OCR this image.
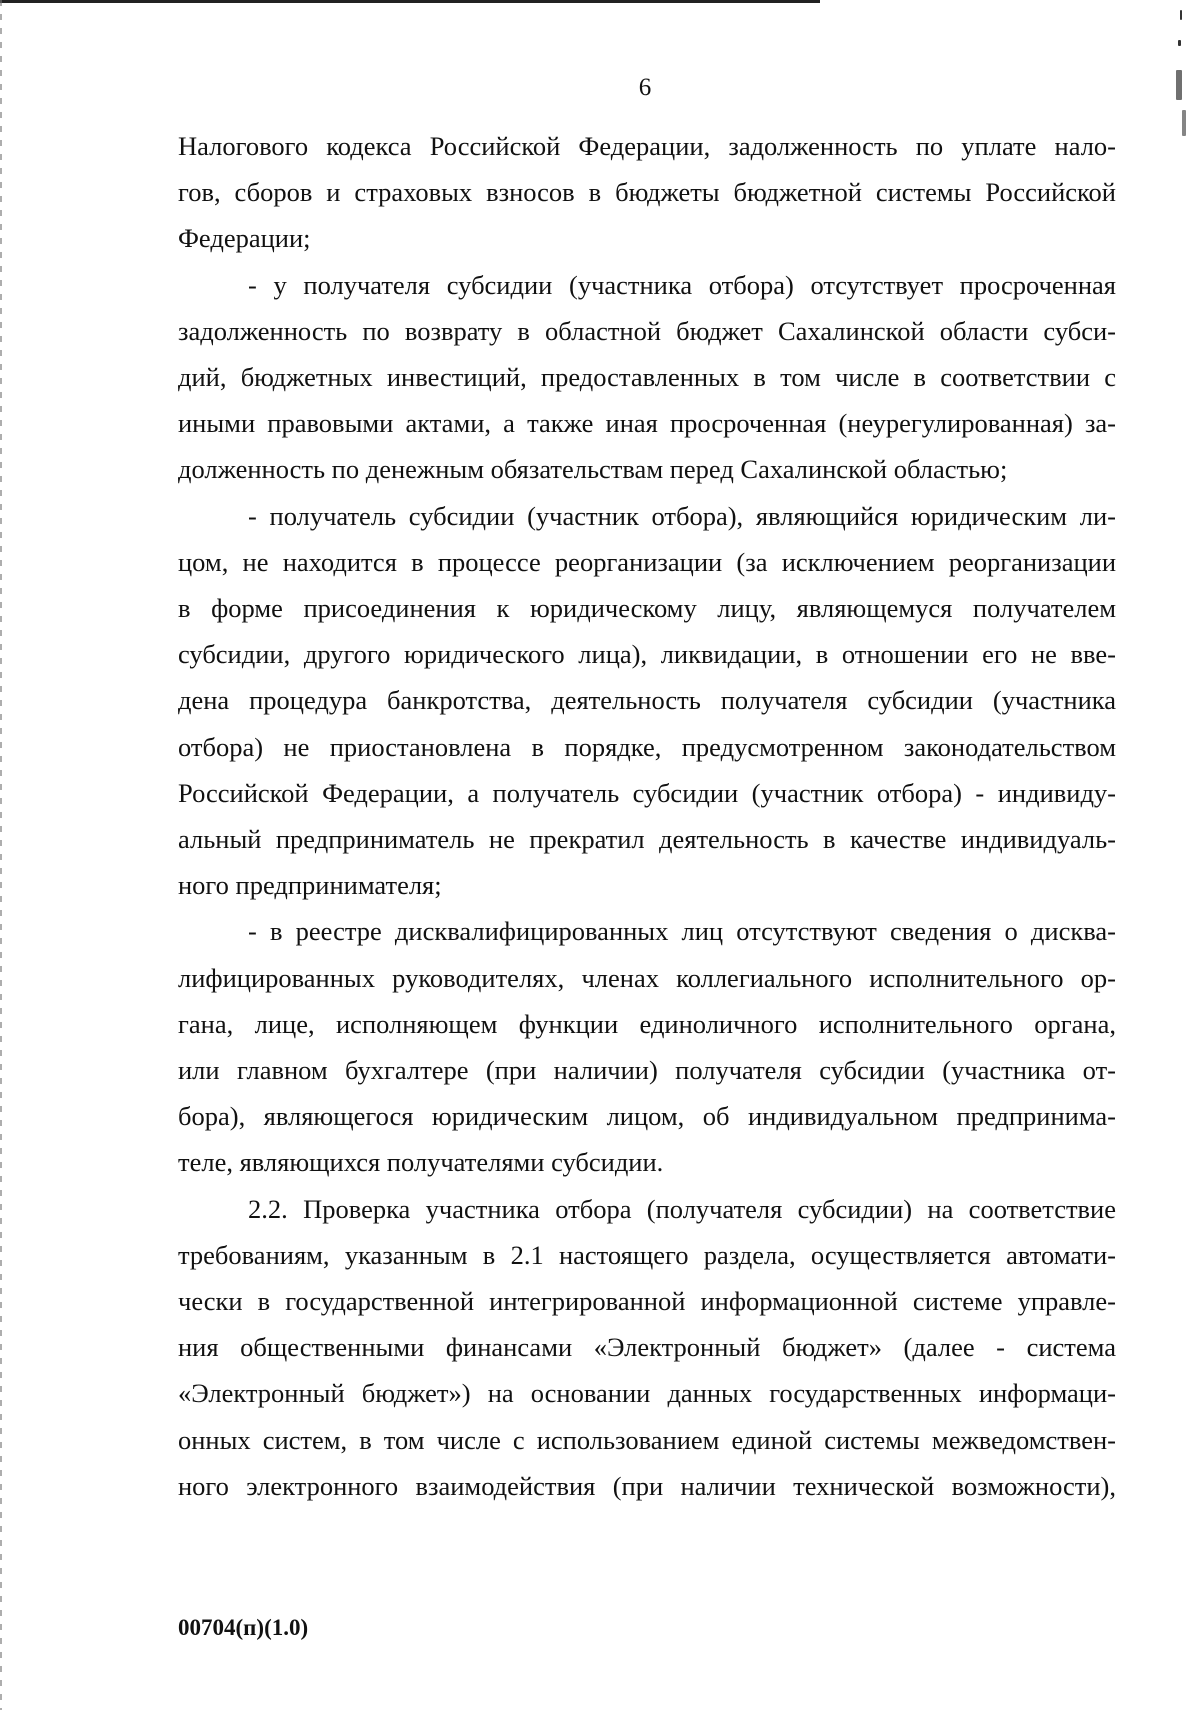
6

Налогового кодекса Российской Федерации, задолженность по уплате нало-
гов, сборов и страховых взносов в бюджеты бюджетной системы Российской
Федерации;

- у получателя субсидии (участника отбора) отсутствует просроченная
задолженность по возврату в областной бюджет Сахалинской области субси-
дий, бюджетных инвестиций, предоставленных в том числе в соответствии с
иными правовыми актами, а также иная просроченная (неурегулированная) за-
долженность по денежным обязательствам перед Сахалинской областью;

- получатель субсидии (участник отбора), являющийся юридическим ли-
цом, не находится в процессе реорганизации (за исключением реорганизации
в форме присоединения к юридическому лицу, являющемуся получателем
субсидии, другого юридического лица), ликвидации, в отношении его не вве-
дена процедура банкротства, деятельность получателя субсидии (участника
отбора) не приостановлена в порядке, предусмотренном законодательством
Российской Федерации, а получатель субсидии (участник отбора) - индивиду-
альный предприниматель не прекратил деятельность в качестве индивидуаль-
ного предпринимателя;

- в реестре дисквалифицированных лиц отсутствуют сведения о дисква-
лифицированных руководителях, членах коллегиального исполнительного ор-
гана, лице, исполняющем функции единоличного исполнительного органа,
или главном бухгалтере (при наличии) получателя субсидии (участника от-
бора), являющегося юридическим лицом, об индивидуальном предпринима-
теле, являющихся получателями субсидии.

2.2. Проверка участника отбора (получателя субсидии) на соответствие
требованиям, указанным в 2.1 настоящего раздела, осуществляется автомати-
чески в государственной интегрированной информационной системе управле-
ния общественными финансами «Электронный бюджет» (далее - система
«Электронный бюджет») на основании данных государственных информаци-
онных систем, в том числе с использованием единой системы межведомствен-
ного электронного взаимодействия (при наличии технической возможности),

00704(п)(1.0)
